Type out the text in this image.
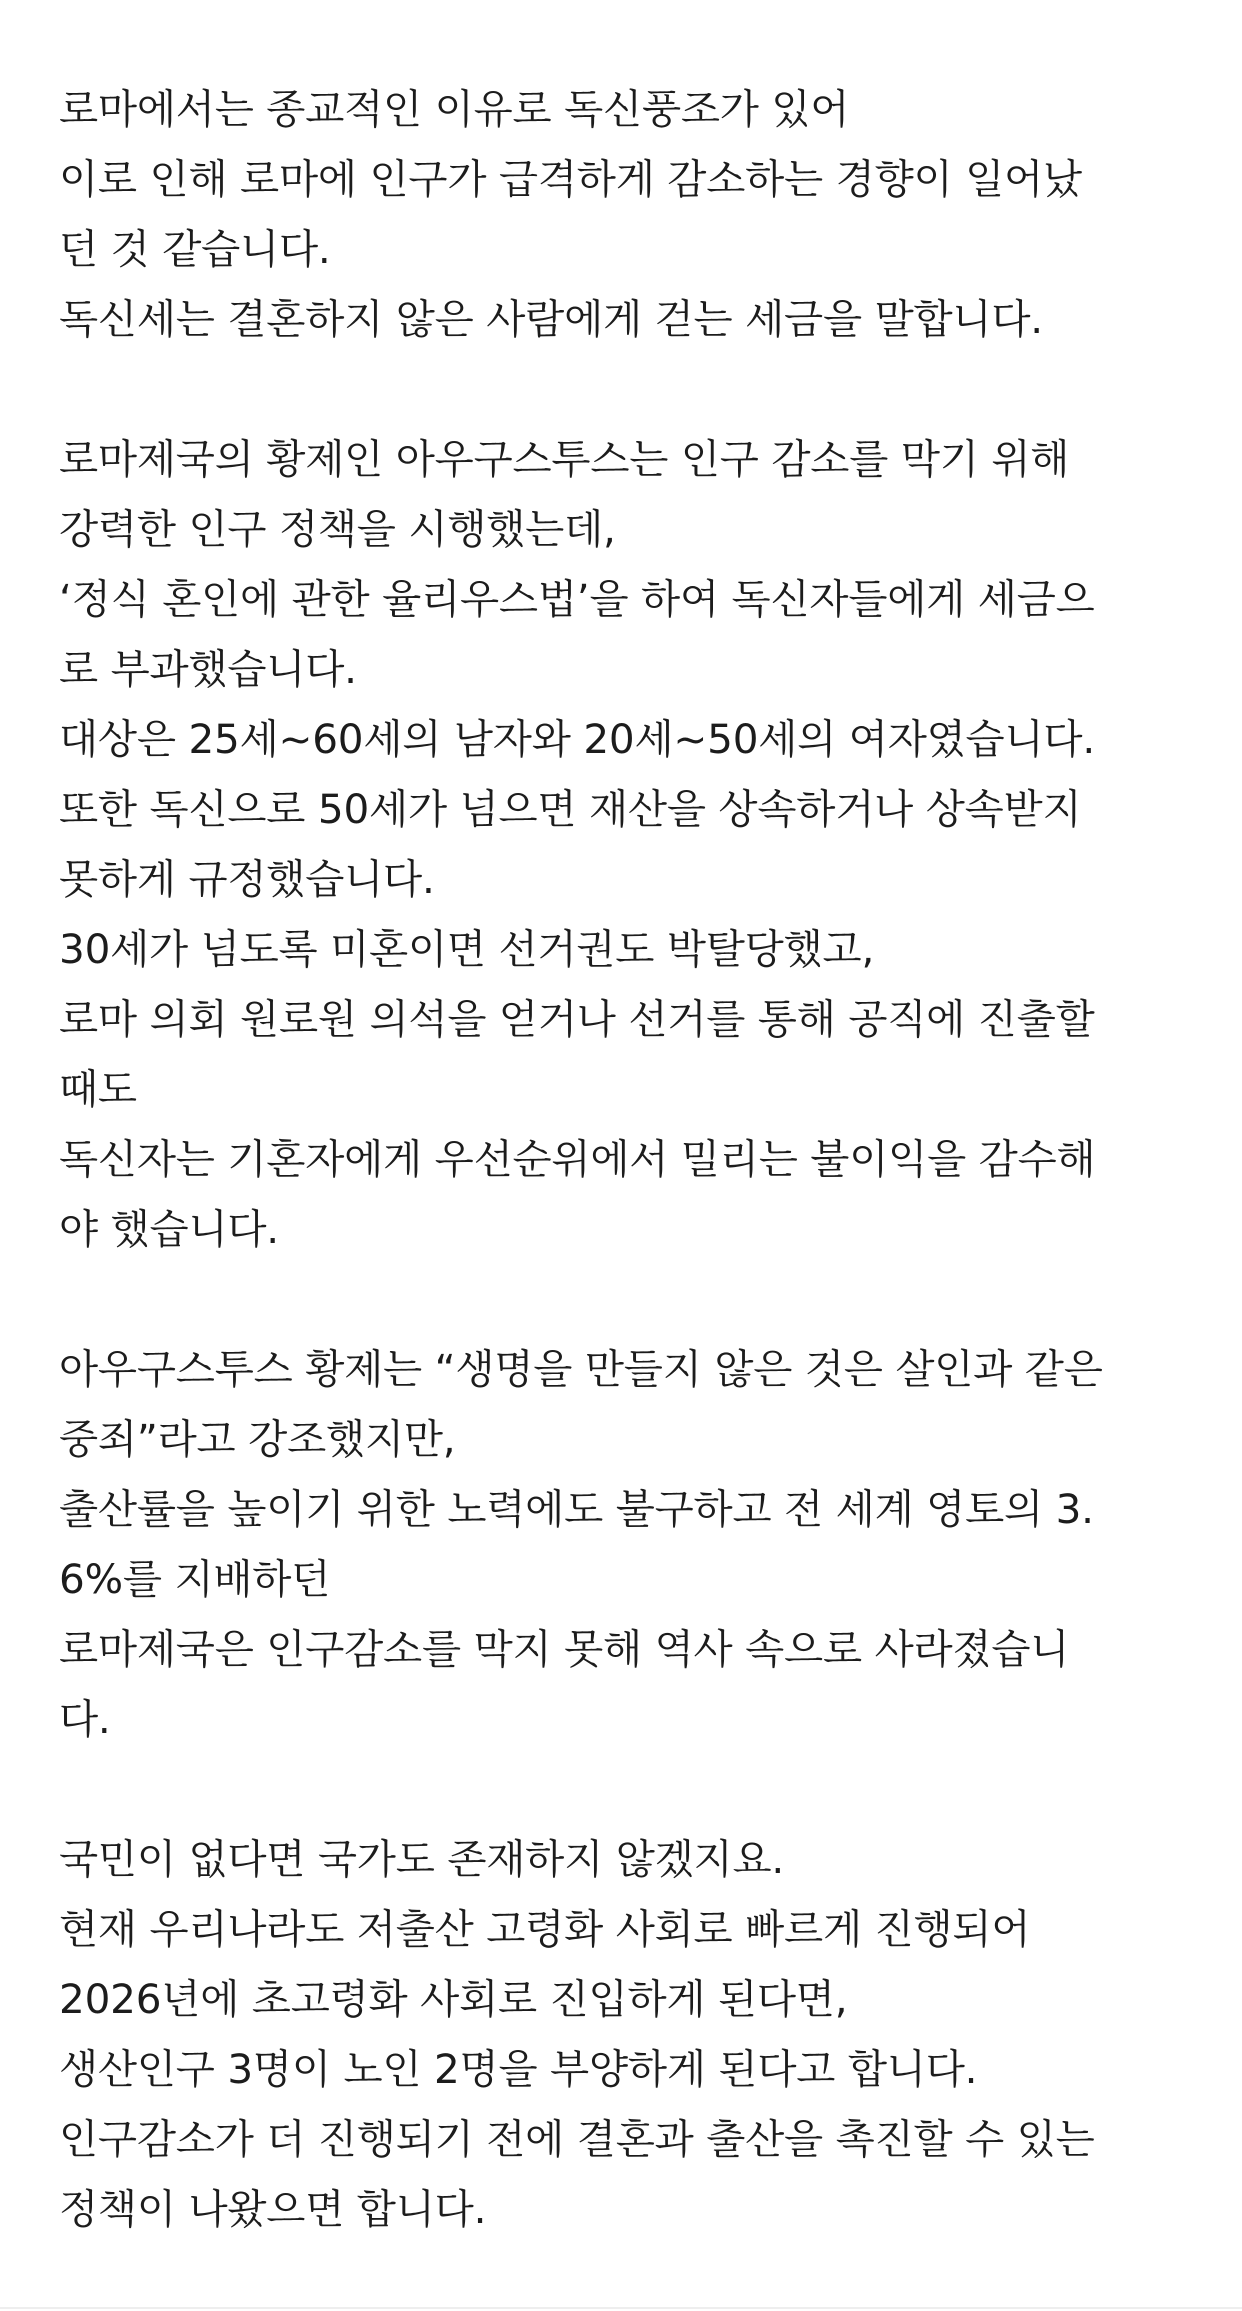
로마에서는 종교적인 이유로 독신풍조가 있어
이로 인해 로마에 인구가 급격하게 감소하는 경향이 일어났
던 것 같습니다.
독신세는 결혼하지 않은 사람에게 걷는 세금을 말합니다.
로마제국의 황제인 아우구스투스는 인구 감소를 막기 위해
강력한 인구 정책을 시행했는데,
‘정식 혼인에 관한 율리우스법’을 하여 독신자들에게 세금으
로 부과했습니다.
대상은 25세~60세의 남자와 20세~50세의 여자였습니다.
또한 독신으로 50세가 넘으면 재산을 상속하거나 상속받지
못하게 규정했습니다.
30세가 넘도록 미혼이면 선거권도 박탈당했고,
로마 의회 원로원 의석을 얻거나 선거를 통해 공직에 진출할
때도
독신자는 기혼자에게 우선순위에서 밀리는 불이익을 감수해
야 했습니다.
아우구스투스 황제는 “생명을 만들지 않은 것은 살인과 같은
중죄”라고 강조했지만,
출산률을 높이기 위한 노력에도 불구하고 전 세계 영토의 3.
6%를 지배하던
로마제국은 인구감소를 막지 못해 역사 속으로 사라졌습니
다.
국민이 없다면 국가도 존재하지 않겠지요.
현재 우리나라도 저출산 고령화 사회로 빠르게 진행되어
2026년에 초고령화 사회로 진입하게 된다면,
생산인구 3명이 노인 2명을 부양하게 된다고 합니다.
인구감소가 더 진행되기 전에 결혼과 출산을 촉진할 수 있는
정책이 나왔으면 합니다.
